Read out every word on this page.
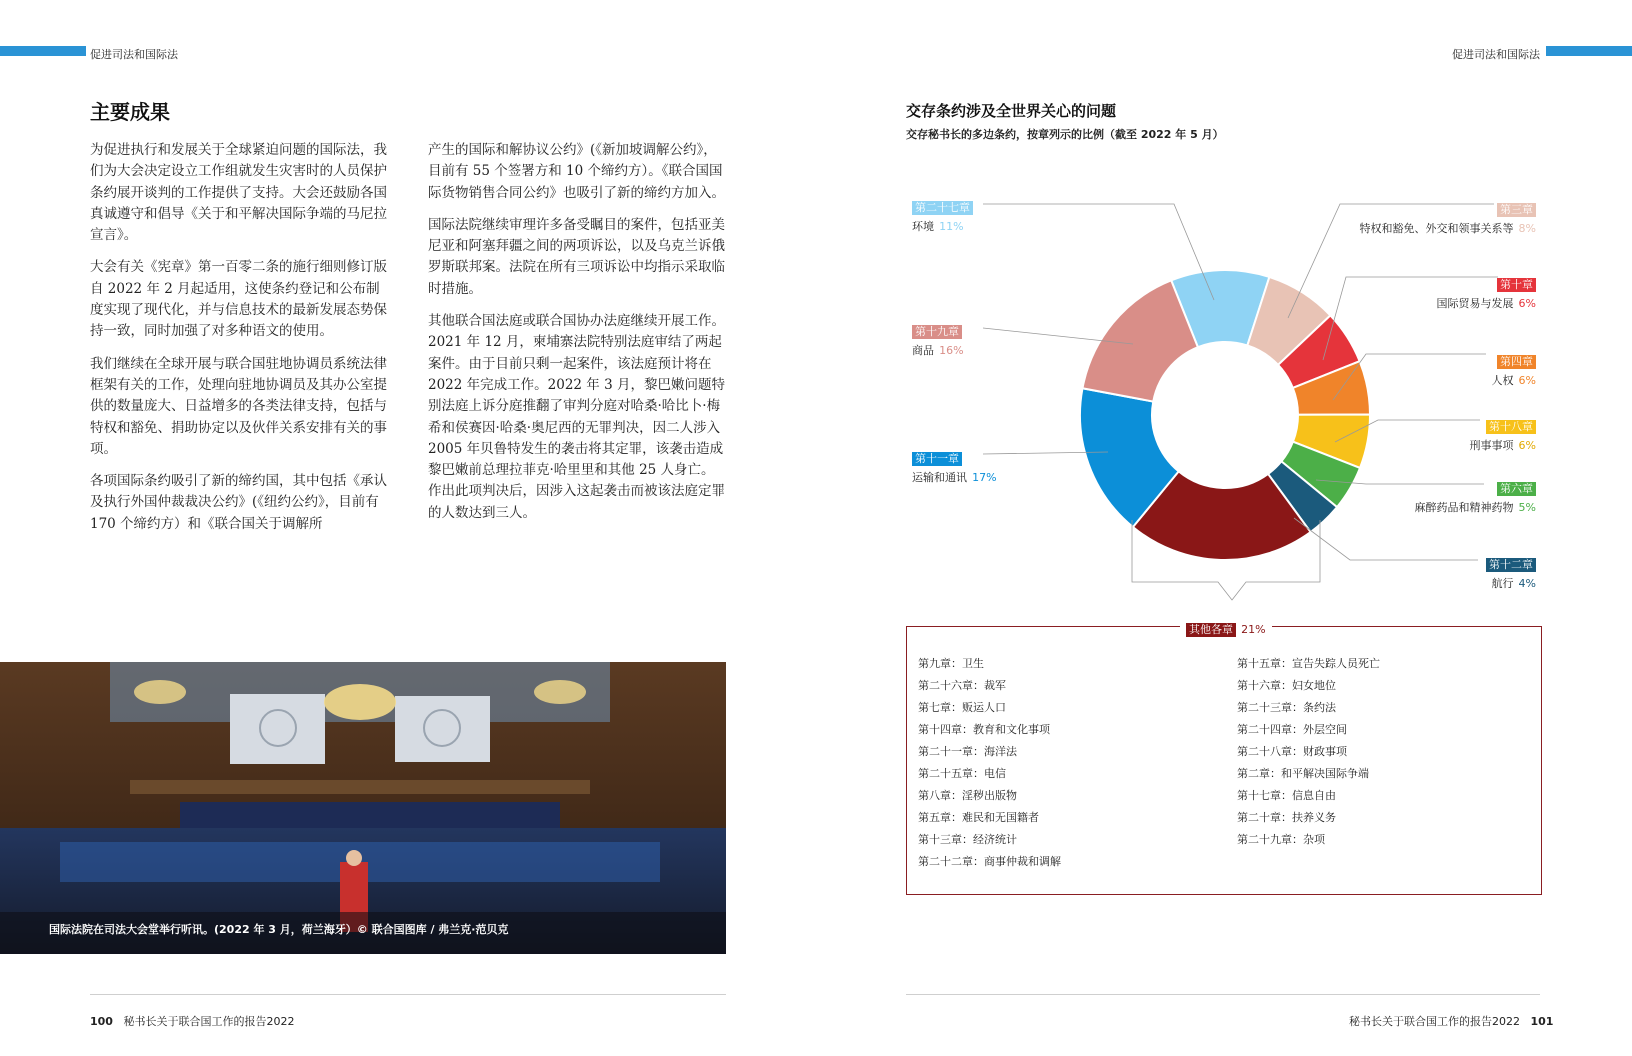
促进司法和国际法	促进司法和国际法
主要成果

为促进执行和发展关于全球紧迫问题的国际法，我们为大会决定设立工作组就发生灾害时的人员保护条约展开谈判的工作提供了支持。大会还鼓励各国真诚遵守和倡导《关于和平解决国际争端的马尼拉宣言》。

大会有关《宪章》第一百零二条的施行细则修订版自 2022 年 2 月起适用，这使条约登记和公布制度实现了现代化，并与信息技术的最新发展态势保持一致，同时加强了对多种语文的使用。

我们继续在全球开展与联合国驻地协调员系统法律框架有关的工作，处理向驻地协调员及其办公室提供的数量庞大、日益增多的各类法律支持，包括与特权和豁免、捐助协定以及伙伴关系安排有关的事项。

各项国际条约吸引了新的缔约国，其中包括《承认及执行外国仲裁裁决公约》(《纽约公约》，目前有 170 个缔约方）和《联合国关于调解所

产生的国际和解协议公约》(《新加坡调解公约》，目前有 55 个签署方和 10 个缔约方）。《联合国国际货物销售合同公约》也吸引了新的缔约方加入。

国际法院继续审理许多备受瞩目的案件，包括亚美尼亚和阿塞拜疆之间的两项诉讼，以及乌克兰诉俄罗斯联邦案。法院在所有三项诉讼中均指示采取临时措施。

其他联合国法庭或联合国协办法庭继续开展工作。2021 年 12 月，柬埔寨法院特别法庭审结了两起案件。由于目前只剩一起案件，该法庭预计将在 2022 年完成工作。2022 年 3 月，黎巴嫩问题特别法庭上诉分庭推翻了审判分庭对哈桑·哈比卜·梅希和侯赛因·哈桑·奥尼西的无罪判决，因二人涉入 2005 年贝鲁特发生的袭击将其定罪，该袭击造成黎巴嫩前总理拉菲克·哈里里和其他 25 人身亡。作出此项判决后，因涉入这起袭击而被该法庭定罪的人数达到三人。

国际法院在司法大会堂举行听讯。(2022 年 3 月，荷兰海牙）© 联合国图库 / 弗兰克·范贝克
100 秘书长关于联合国工作的报告2022	秘书长关于联合国工作的报告2022 101
交存条约涉及全世界关心的问题
交存秘书长的多边条约，按章列示的比例（截至 2022 年 5 月）
第二十七章
环境 11%
第三章
特权和豁免、外交和领事关系等 8%
第十章
国际贸易与发展 6%
第四章
人权 6%
第十八章
刑事事项 6%
第六章
麻醉药品和精神药物 5%
第十二章
航行 4%
第十九章
商品 16%
第十一章
运输和通讯 17%
其他各章 21%
第九章：卫生
第二十六章：裁军
第七章：贩运人口
第十四章：教育和文化事项
第二十一章：海洋法
第二十五章：电信
第八章：淫秽出版物
第五章：难民和无国籍者
第十三章：经济统计
第二十二章：商事仲裁和调解
第十五章：宣告失踪人员死亡
第十六章：妇女地位
第二十三章：条约法
第二十四章：外层空间
第二十八章：财政事项
第二章：和平解决国际争端
第十七章：信息自由
第二十章：扶养义务
第二十九章：杂项
